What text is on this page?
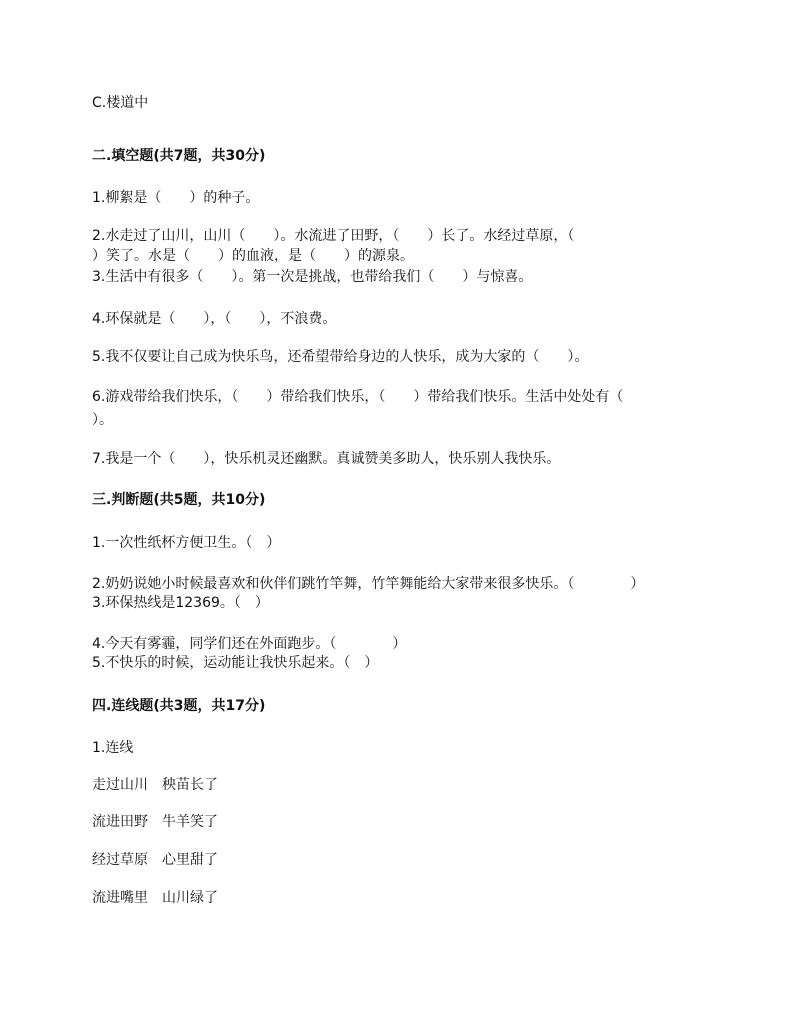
C.楼道中

二.填空题(共7题，共30分)

1.柳絮是（　　）的种子。

2.水走过了山川，山川（　　）。水流进了田野，（　　）长了。水经过草原，（　　

）笑了。水是（　　）的血液，是（　　）的源泉。

3.生活中有很多（　　）。第一次是挑战，也带给我们（　　）与惊喜。

4.环保就是（　　），（　　），不浪费。

5.我不仅要让自己成为快乐鸟，还希望带给身边的人快乐，成为大家的（　　）。

6.游戏带给我们快乐，（　　）带给我们快乐，（　　）带给我们快乐。生活中处处有（

）。

7.我是一个（　　），快乐机灵还幽默。真诚赞美多助人，快乐别人我快乐。

三.判断题(共5题，共10分)

1.一次性纸杯方便卫生。（　）

2.奶奶说她小时候最喜欢和伙伴们跳竹竿舞，竹竿舞能给大家带来很多快乐。（　　　　）

3.环保热线是12369。（　）

4.今天有雾霾，同学们还在外面跑步。（　　　　）

5.不快乐的时候，运动能让我快乐起来。（　）

四.连线题(共3题，共17分)

1.连线

走过山川　秧苗长了

流进田野　牛羊笑了

经过草原　心里甜了

流进嘴里　山川绿了
